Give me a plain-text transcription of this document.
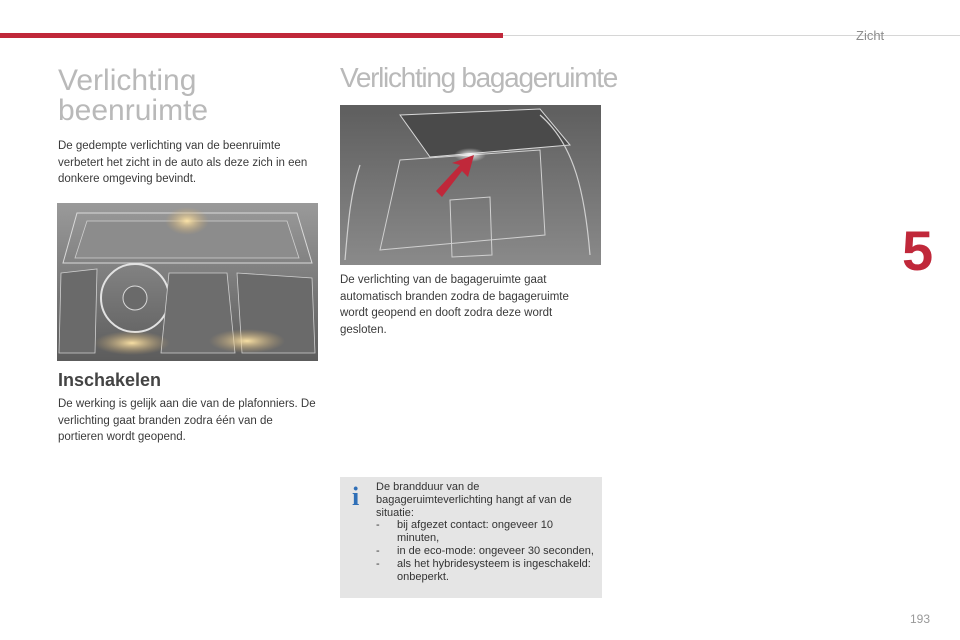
Zicht
5
193
Verlichting
beenruimte

De gedempte verlichting van de beenruimte verbetert het zicht in de auto als deze zich in een donkere omgeving bevindt.

Inschakelen

De werking is gelijk aan die van de plafonniers. De verlichting gaat branden zodra één van de portieren wordt geopend.

Verlichting bagageruimte

De verlichting van de bagageruimte gaat automatisch branden zodra de bagageruimte wordt geopend en dooft zodra deze wordt gesloten.

i De brandduur van de bagageruimteverlichting hangt af van de situatie:

- bij afgezet contact: ongeveer 10 minuten,
- in de eco-mode: ongeveer 30 seconden,
- als het hybridesysteem is ingeschakeld: onbeperkt.
